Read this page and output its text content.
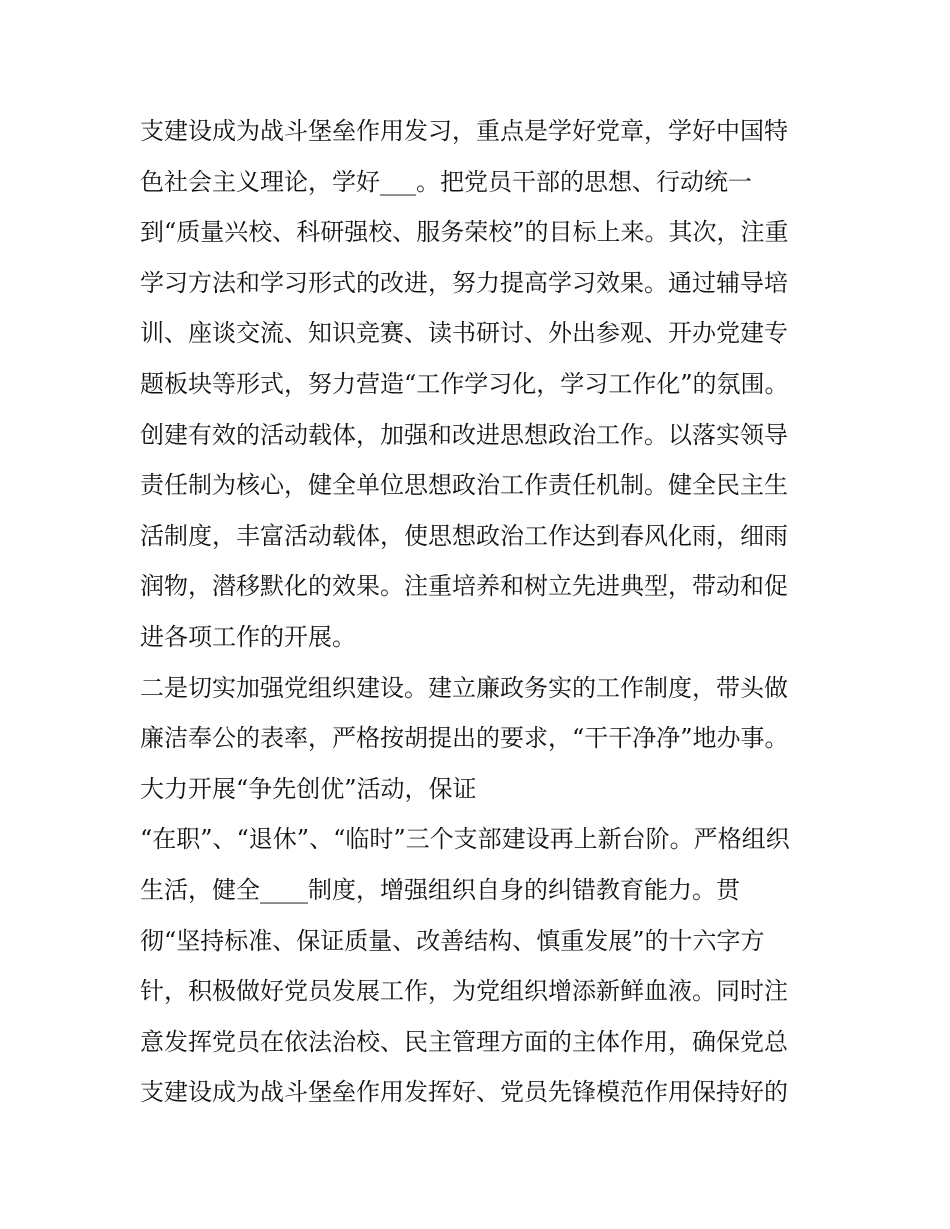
支建设成为战斗堡垒作用发习，重点是学好党章，学好中国特
色社会主义理论，学好___。把党员干部的思想、行动统一
到“质量兴校、科研强校、服务荣校”的目标上来。其次，注重
学习方法和学习形式的改进，努力提高学习效果。通过辅导培
训、座谈交流、知识竞赛、读书研讨、外出参观、开办党建专
题板块等形式，努力营造“工作学习化，学习工作化”的氛围。
创建有效的活动载体，加强和改进思想政治工作。以落实领导
责任制为核心，健全单位思想政治工作责任机制。健全民主生
活制度，丰富活动载体，使思想政治工作达到春风化雨，细雨
润物，潜移默化的效果。注重培养和树立先进典型，带动和促
进各项工作的开展。
二是切实加强党组织建设。建立廉政务实的工作制度，带头做
廉洁奉公的表率，严格按胡提出的要求，“干干净净”地办事。
大力开展“争先创优”活动，保证
“在职”、“退休”、“临时”三个支部建设再上新台阶。严格组织
生活，健全____制度，增强组织自身的纠错教育能力。贯
彻“坚持标准、保证质量、改善结构、慎重发展”的十六字方
针，积极做好党员发展工作，为党组织增添新鲜血液。同时注
意发挥党员在依法治校、民主管理方面的主体作用，确保党总
支建设成为战斗堡垒作用发挥好、党员先锋模范作用保持好的
